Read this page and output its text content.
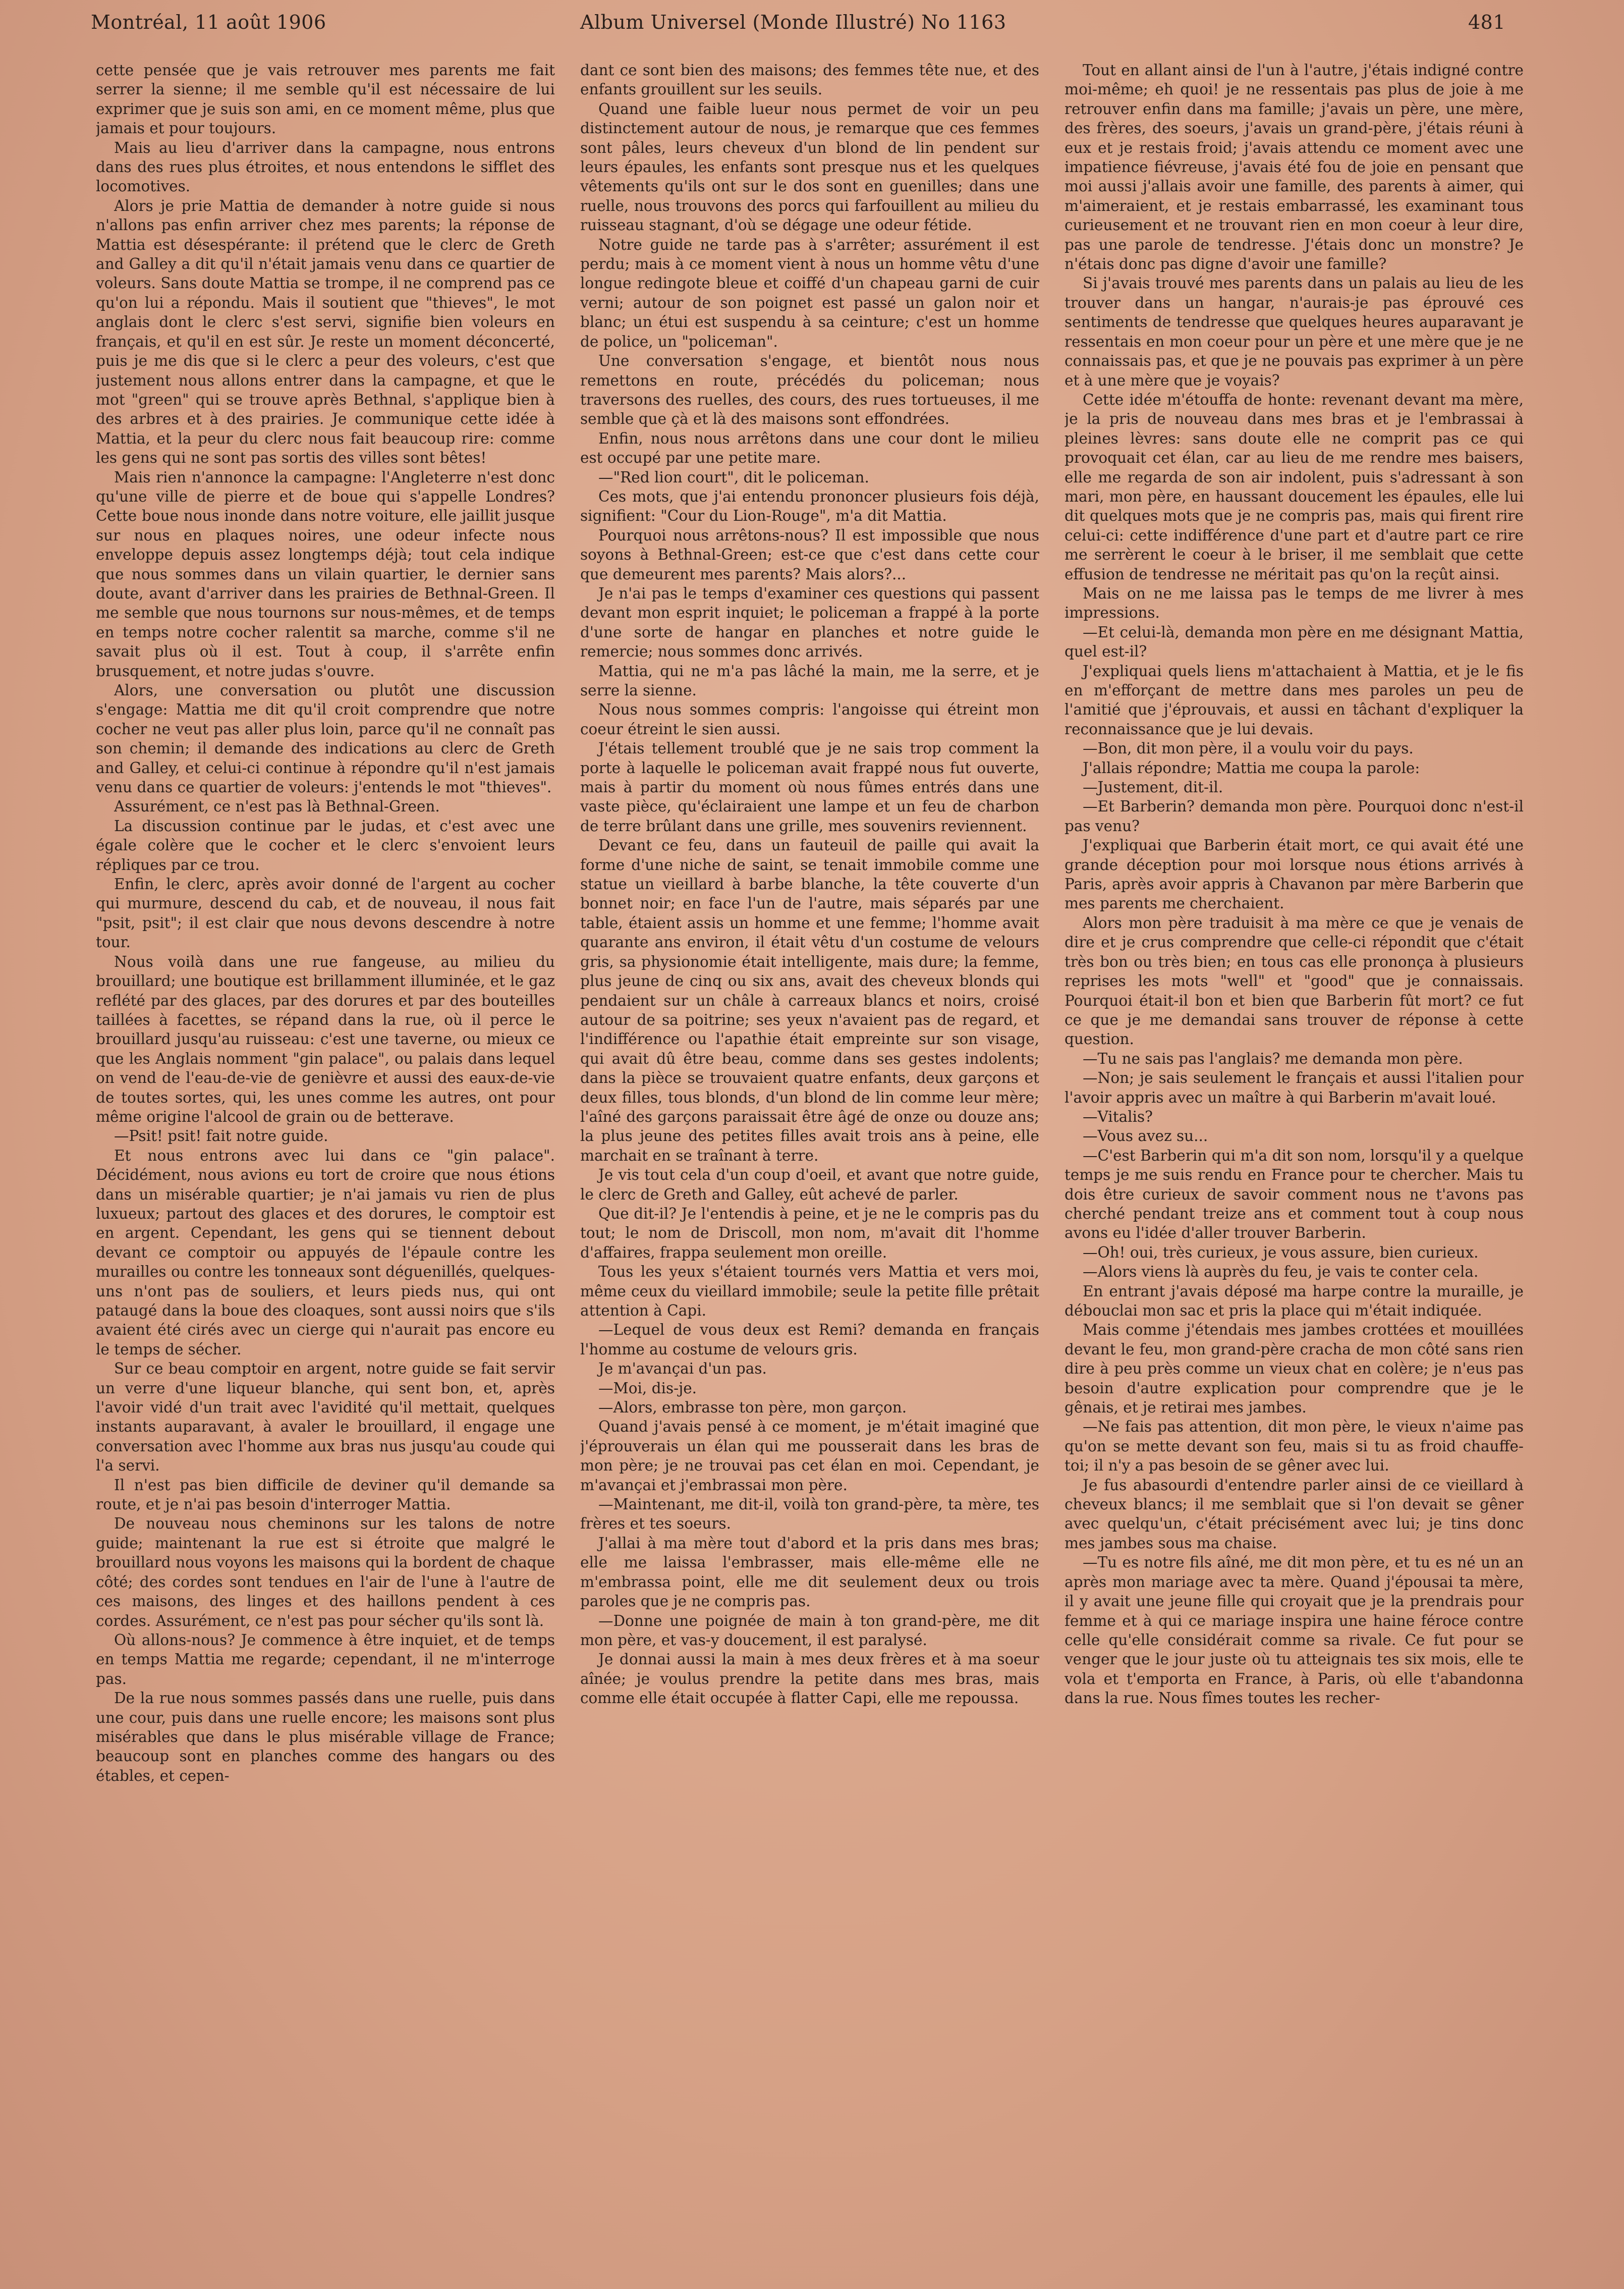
Montréal, 11 août 1906	Album Universel (Monde Illustré) No 1163	481

cette pensée que je vais retrouver mes parents me fait serrer la sienne; il me semble qu'il est nécessaire de lui exprimer que je suis son ami, en ce moment même, plus que jamais et pour toujours.

Mais au lieu d'arriver dans la campagne, nous entrons dans des rues plus étroites, et nous entendons le sifflet des locomotives.

Alors je prie Mattia de demander à notre guide si nous n'allons pas enfin arriver chez mes parents; la réponse de Mattia est désespérante: il prétend que le clerc de Greth and Galley a dit qu'il n'était jamais venu dans ce quartier de voleurs. Sans doute Mattia se trompe, il ne comprend pas ce qu'on lui a répondu. Mais il soutient que "thieves", le mot anglais dont le clerc s'est servi, signifie bien voleurs en français, et qu'il en est sûr. Je reste un moment déconcerté, puis je me dis que si le clerc a peur des voleurs, c'est que justement nous allons entrer dans la campagne, et que le mot "green" qui se trouve après Bethnal, s'applique bien à des arbres et à des prairies. Je communique cette idée à Mattia, et la peur du clerc nous fait beaucoup rire: comme les gens qui ne sont pas sortis des villes sont bêtes!

Mais rien n'annonce la campagne: l'Angleterre n'est donc qu'une ville de pierre et de boue qui s'appelle Londres? Cette boue nous inonde dans notre voiture, elle jaillit jusque sur nous en plaques noires, une odeur infecte nous enveloppe depuis assez longtemps déjà; tout cela indique que nous sommes dans un vilain quartier, le dernier sans doute, avant d'arriver dans les prairies de Bethnal-Green. Il me semble que nous tournons sur nous-mêmes, et de temps en temps notre cocher ralentit sa marche, comme s'il ne savait plus où il est. Tout à coup, il s'arrête enfin brusquement, et notre judas s'ouvre.

Alors, une conversation ou plutôt une discussion s'engage: Mattia me dit qu'il croit comprendre que notre cocher ne veut pas aller plus loin, parce qu'il ne connaît pas son chemin; il demande des indications au clerc de Greth and Galley, et celui-ci continue à répondre qu'il n'est jamais venu dans ce quartier de voleurs: j'entends le mot "thieves".

Assurément, ce n'est pas là Bethnal-Green.

La discussion continue par le judas, et c'est avec une égale colère que le cocher et le clerc s'envoient leurs répliques par ce trou.

Enfin, le clerc, après avoir donné de l'argent au cocher qui murmure, descend du cab, et de nouveau, il nous fait "psit, psit"; il est clair que nous devons descendre à notre tour.

Nous voilà dans une rue fangeuse, au milieu du brouillard; une boutique est brillamment illuminée, et le gaz reflété par des glaces, par des dorures et par des bouteilles taillées à facettes, se répand dans la rue, où il perce le brouillard jusqu'au ruisseau: c'est une taverne, ou mieux ce que les Anglais nomment "gin palace", ou palais dans lequel on vend de l'eau-de-vie de genièvre et aussi des eaux-de-vie de toutes sortes, qui, les unes comme les autres, ont pour même origine l'alcool de grain ou de betterave.

—Psit! psit! fait notre guide.

Et nous entrons avec lui dans ce "gin palace". Décidément, nous avions eu tort de croire que nous étions dans un misérable quartier; je n'ai jamais vu rien de plus luxueux; partout des glaces et des dorures, le comptoir est en argent. Cependant, les gens qui se tiennent debout devant ce comptoir ou appuyés de l'épaule contre les murailles ou contre les tonneaux sont déguenillés, quelques-uns n'ont pas de souliers, et leurs pieds nus, qui ont pataugé dans la boue des cloaques, sont aussi noirs que s'ils avaient été cirés avec un cierge qui n'aurait pas encore eu le temps de sécher.

Sur ce beau comptoir en argent, notre guide se fait servir un verre d'une liqueur blanche, qui sent bon, et, après l'avoir vidé d'un trait avec l'avidité qu'il mettait, quelques instants auparavant, à avaler le brouillard, il engage une conversation avec l'homme aux bras nus jusqu'au coude qui l'a servi.

Il n'est pas bien difficile de deviner qu'il demande sa route, et je n'ai pas besoin d'interroger Mattia.

De nouveau nous cheminons sur les talons de notre guide; maintenant la rue est si étroite que malgré le brouillard nous voyons les maisons qui la bordent de chaque côté; des cordes sont tendues en l'air de l'une à l'autre de ces maisons, des linges et des haillons pendent à ces cordes. Assurément, ce n'est pas pour sécher qu'ils sont là.

Où allons-nous? Je commence à être inquiet, et de temps en temps Mattia me regarde; cependant, il ne m'interroge pas.

De la rue nous sommes passés dans une ruelle, puis dans une cour, puis dans une ruelle encore; les maisons sont plus misérables que dans le plus misérable village de France; beaucoup sont en planches comme des hangars ou des étables, et cepen-

dant ce sont bien des maisons; des femmes tête nue, et des enfants grouillent sur les seuils.

Quand une faible lueur nous permet de voir un peu distinctement autour de nous, je remarque que ces femmes sont pâles, leurs cheveux d'un blond de lin pendent sur leurs épaules, les enfants sont presque nus et les quelques vêtements qu'ils ont sur le dos sont en guenilles; dans une ruelle, nous trouvons des porcs qui farfouillent au milieu du ruisseau stagnant, d'où se dégage une odeur fétide.

Notre guide ne tarde pas à s'arrêter; assurément il est perdu; mais à ce moment vient à nous un homme vêtu d'une longue redingote bleue et coiffé d'un chapeau garni de cuir verni; autour de son poignet est passé un galon noir et blanc; un étui est suspendu à sa ceinture; c'est un homme de police, un "policeman".

Une conversation s'engage, et bientôt nous nous remettons en route, précédés du policeman; nous traversons des ruelles, des cours, des rues tortueuses, il me semble que çà et là des maisons sont effondrées.

Enfin, nous nous arrêtons dans une cour dont le milieu est occupé par une petite mare.

—"Red lion court", dit le policeman.

Ces mots, que j'ai entendu prononcer plusieurs fois déjà, signifient: "Cour du Lion-Rouge", m'a dit Mattia.

Pourquoi nous arrêtons-nous? Il est impossible que nous soyons à Bethnal-Green; est-ce que c'est dans cette cour que demeurent mes parents? Mais alors?...

Je n'ai pas le temps d'examiner ces questions qui passent devant mon esprit inquiet; le policeman a frappé à la porte d'une sorte de hangar en planches et notre guide le remercie; nous sommes donc arrivés.

Mattia, qui ne m'a pas lâché la main, me la serre, et je serre la sienne.

Nous nous sommes compris: l'angoisse qui étreint mon coeur étreint le sien aussi.

J'étais tellement troublé que je ne sais trop comment la porte à laquelle le policeman avait frappé nous fut ouverte, mais à partir du moment où nous fûmes entrés dans une vaste pièce, qu'éclairaient une lampe et un feu de charbon de terre brûlant dans une grille, mes souvenirs reviennent.

Devant ce feu, dans un fauteuil de paille qui avait la forme d'une niche de saint, se tenait immobile comme une statue un vieillard à barbe blanche, la tête couverte d'un bonnet noir; en face l'un de l'autre, mais séparés par une table, étaient assis un homme et une femme; l'homme avait quarante ans environ, il était vêtu d'un costume de velours gris, sa physionomie était intelligente, mais dure; la femme, plus jeune de cinq ou six ans, avait des cheveux blonds qui pendaient sur un châle à carreaux blancs et noirs, croisé autour de sa poitrine; ses yeux n'avaient pas de regard, et l'indifférence ou l'apathie était empreinte sur son visage, qui avait dû être beau, comme dans ses gestes indolents; dans la pièce se trouvaient quatre enfants, deux garçons et deux filles, tous blonds, d'un blond de lin comme leur mère; l'aîné des garçons paraissait être âgé de onze ou douze ans; la plus jeune des petites filles avait trois ans à peine, elle marchait en se traînant à terre.

Je vis tout cela d'un coup d'oeil, et avant que notre guide, le clerc de Greth and Galley, eût achevé de parler.

Que dit-il? Je l'entendis à peine, et je ne le compris pas du tout; le nom de Driscoll, mon nom, m'avait dit l'homme d'affaires, frappa seulement mon oreille.

Tous les yeux s'étaient tournés vers Mattia et vers moi, même ceux du vieillard immobile; seule la petite fille prêtait attention à Capi.

—Lequel de vous deux est Remi? demanda en français l'homme au costume de velours gris.

Je m'avançai d'un pas.

—Moi, dis-je.

—Alors, embrasse ton père, mon garçon.

Quand j'avais pensé à ce moment, je m'était imaginé que j'éprouverais un élan qui me pousserait dans les bras de mon père; je ne trouvai pas cet élan en moi. Cependant, je m'avançai et j'embrassai mon père.

—Maintenant, me dit-il, voilà ton grand-père, ta mère, tes frères et tes soeurs.

J'allai à ma mère tout d'abord et la pris dans mes bras; elle me laissa l'embrasser, mais elle-même elle ne m'embrassa point, elle me dit seulement deux ou trois paroles que je ne compris pas.

—Donne une poignée de main à ton grand-père, me dit mon père, et vas-y doucement, il est paralysé.

Je donnai aussi la main à mes deux frères et à ma soeur aînée; je voulus prendre la petite dans mes bras, mais comme elle était occupée à flatter Capi, elle me repoussa.

Tout en allant ainsi de l'un à l'autre, j'étais indigné contre moi-même; eh quoi! je ne ressentais pas plus de joie à me retrouver enfin dans ma famille; j'avais un père, une mère, des frères, des soeurs, j'avais un grand-père, j'étais réuni à eux et je restais froid; j'avais attendu ce moment avec une impatience fiévreuse, j'avais été fou de joie en pensant que moi aussi j'allais avoir une famille, des parents à aimer, qui m'aimeraient, et je restais embarrassé, les examinant tous curieusement et ne trouvant rien en mon coeur à leur dire, pas une parole de tendresse. J'étais donc un monstre? Je n'étais donc pas digne d'avoir une famille?

Si j'avais trouvé mes parents dans un palais au lieu de les trouver dans un hangar, n'aurais-je pas éprouvé ces sentiments de tendresse que quelques heures auparavant je ressentais en mon coeur pour un père et une mère que je ne connaissais pas, et que je ne pouvais pas exprimer à un père et à une mère que je voyais?

Cette idée m'étouffa de honte: revenant devant ma mère, je la pris de nouveau dans mes bras et je l'embrassai à pleines lèvres: sans doute elle ne comprit pas ce qui provoquait cet élan, car au lieu de me rendre mes baisers, elle me regarda de son air indolent, puis s'adressant à son mari, mon père, en haussant doucement les épaules, elle lui dit quelques mots que je ne compris pas, mais qui firent rire celui-ci: cette indifférence d'une part et d'autre part ce rire me serrèrent le coeur à le briser, il me semblait que cette effusion de tendresse ne méritait pas qu'on la reçût ainsi.

Mais on ne me laissa pas le temps de me livrer à mes impressions.

—Et celui-là, demanda mon père en me désignant Mattia, quel est-il?

J'expliquai quels liens m'attachaient à Mattia, et je le fis en m'efforçant de mettre dans mes paroles un peu de l'amitié que j'éprouvais, et aussi en tâchant d'expliquer la reconnaissance que je lui devais.

—Bon, dit mon père, il a voulu voir du pays.

J'allais répondre; Mattia me coupa la parole:

—Justement, dit-il.

—Et Barberin? demanda mon père. Pourquoi donc n'est-il pas venu?

J'expliquai que Barberin était mort, ce qui avait été une grande déception pour moi lorsque nous étions arrivés à Paris, après avoir appris à Chavanon par mère Barberin que mes parents me cherchaient.

Alors mon père traduisit à ma mère ce que je venais de dire et je crus comprendre que celle-ci répondit que c'était très bon ou très bien; en tous cas elle prononça à plusieurs reprises les mots "well" et "good" que je connaissais. Pourquoi était-il bon et bien que Barberin fût mort? ce fut ce que je me demandai sans trouver de réponse à cette question.

—Tu ne sais pas l'anglais? me demanda mon père.

—Non; je sais seulement le français et aussi l'italien pour l'avoir appris avec un maître à qui Barberin m'avait loué.

—Vitalis?

—Vous avez su...

—C'est Barberin qui m'a dit son nom, lorsqu'il y a quelque temps je me suis rendu en France pour te chercher. Mais tu dois être curieux de savoir comment nous ne t'avons pas cherché pendant treize ans et comment tout à coup nous avons eu l'idée d'aller trouver Barberin.

—Oh! oui, très curieux, je vous assure, bien curieux.

—Alors viens là auprès du feu, je vais te conter cela.

En entrant j'avais déposé ma harpe contre la muraille, je débouclai mon sac et pris la place qui m'était indiquée.

Mais comme j'étendais mes jambes crottées et mouillées devant le feu, mon grand-père cracha de mon côté sans rien dire à peu près comme un vieux chat en colère; je n'eus pas besoin d'autre explication pour comprendre que je le gênais, et je retirai mes jambes.

—Ne fais pas attention, dit mon père, le vieux n'aime pas qu'on se mette devant son feu, mais si tu as froid chauffe-toi; il n'y a pas besoin de se gêner avec lui.

Je fus abasourdi d'entendre parler ainsi de ce vieillard à cheveux blancs; il me semblait que si l'on devait se gêner avec quelqu'un, c'était précisément avec lui; je tins donc mes jambes sous ma chaise.

—Tu es notre fils aîné, me dit mon père, et tu es né un an après mon mariage avec ta mère. Quand j'épousai ta mère, il y avait une jeune fille qui croyait que je la prendrais pour femme et à qui ce mariage inspira une haine féroce contre celle qu'elle considérait comme sa rivale. Ce fut pour se venger que le jour juste où tu atteignais tes six mois, elle te vola et t'emporta en France, à Paris, où elle t'abandonna dans la rue. Nous fîmes toutes les recher-
